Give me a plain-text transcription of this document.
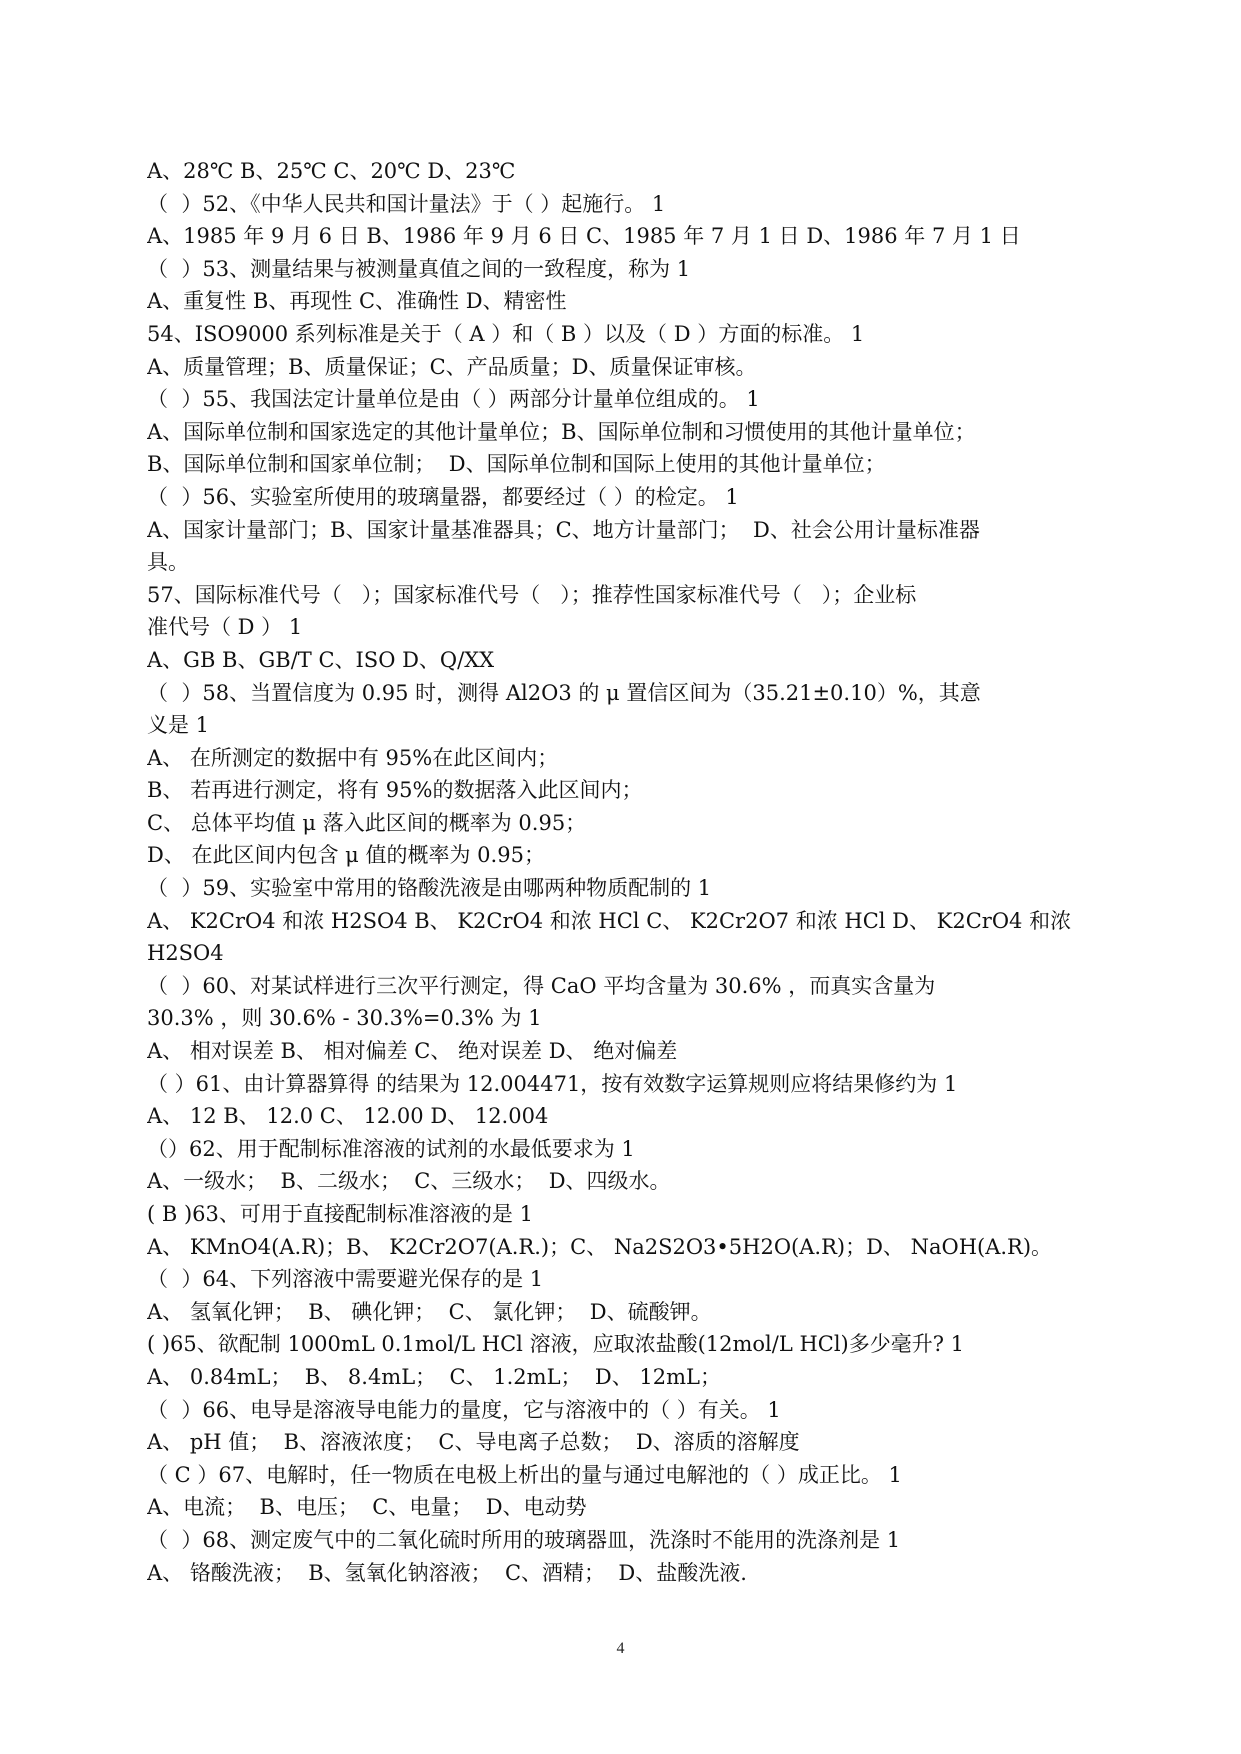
A、28℃ B、25℃ C、20℃ D、23℃
（  ）52、《中华人民共和国计量法》于（ ）起施行。 1
A、1985 年 9 月 6 日 B、1986 年 9 月 6 日 C、1985 年 7 月 1 日 D、1986 年 7 月 1 日
（  ）53、测量结果与被测量真值之间的一致程度，称为 1
A、重复性 B、再现性 C、准确性 D、精密性
54、ISO9000 系列标准是关于（ A ）和（ B ）以及（ D ）方面的标准。 1
A、质量管理；B、质量保证；C、产品质量；D、质量保证审核。
（  ）55、我国法定计量单位是由（ ）两部分计量单位组成的。 1
A、国际单位制和国家选定的其他计量单位；B、国际单位制和习惯使用的其他计量单位；
B、国际单位制和国家单位制；  D、国际单位制和国际上使用的其他计量单位；
（  ）56、实验室所使用的玻璃量器，都要经过（ ）的检定。 1
A、国家计量部门；B、国家计量基准器具；C、地方计量部门；  D、社会公用计量标准器
具。
57、国际标准代号（   ）；国家标准代号（   ）；推荐性国家标准代号（   ）；企业标
准代号（ D ） 1
A、GB B、GB/T C、ISO D、Q/XX
（  ）58、当置信度为 0.95 时，测得 Al2O3 的 μ 置信区间为（35.21±0.10）%，其意
义是 1
A、 在所测定的数据中有 95%在此区间内；
B、 若再进行测定，将有 95%的数据落入此区间内；
C、 总体平均值 μ 落入此区间的概率为 0.95；
D、 在此区间内包含 μ 值的概率为 0.95；
（  ）59、实验室中常用的铬酸洗液是由哪两种物质配制的 1
A、 K2CrO4 和浓 H2SO4 B、 K2CrO4 和浓 HCl C、 K2Cr2O7 和浓 HCl D、 K2CrO4 和浓
H2SO4
（  ）60、对某试样进行三次平行测定，得 CaO 平均含量为 30.6% ，而真实含量为
30.3% ，则 30.6% - 30.3%=0.3% 为 1
A、 相对误差 B、 相对偏差 C、 绝对误差 D、 绝对偏差
（ ）61、由计算器算得 的结果为 12.004471，按有效数字运算规则应将结果修约为 1
A、 12 B、 12.0 C、 12.00 D、 12.004
（）62、用于配制标准溶液的试剂的水最低要求为 1
A、一级水；  B、二级水；  C、三级水；  D、四级水。
( B )63、可用于直接配制标准溶液的是 1
A、 KMnO4(A.R)；B、 K2Cr2O7(A.R.)；C、 Na2S2O3•5H2O(A.R)；D、 NaOH(A.R)。
（  ）64、下列溶液中需要避光保存的是 1
A、 氢氧化钾；  B、 碘化钾；  C、 氯化钾；  D、硫酸钾。
( )65、欲配制 1000mL 0.1mol/L HCl 溶液，应取浓盐酸(12mol/L HCl)多少毫升? 1
A、 0.84mL；  B、 8.4mL；  C、 1.2mL；  D、 12mL；
（  ）66、电导是溶液导电能力的量度，它与溶液中的（ ）有关。 1
A、 pH 值；  B、溶液浓度；  C、导电离子总数；  D、溶质的溶解度
（ C ）67、电解时，任一物质在电极上析出的量与通过电解池的（ ）成正比。 1
A、电流；  B、电压；  C、电量；  D、电动势
（  ）68、测定废气中的二氧化硫时所用的玻璃器皿，洗涤时不能用的洗涤剂是 1
A、 铬酸洗液；  B、氢氧化钠溶液；  C、酒精；  D、盐酸洗液.
4
